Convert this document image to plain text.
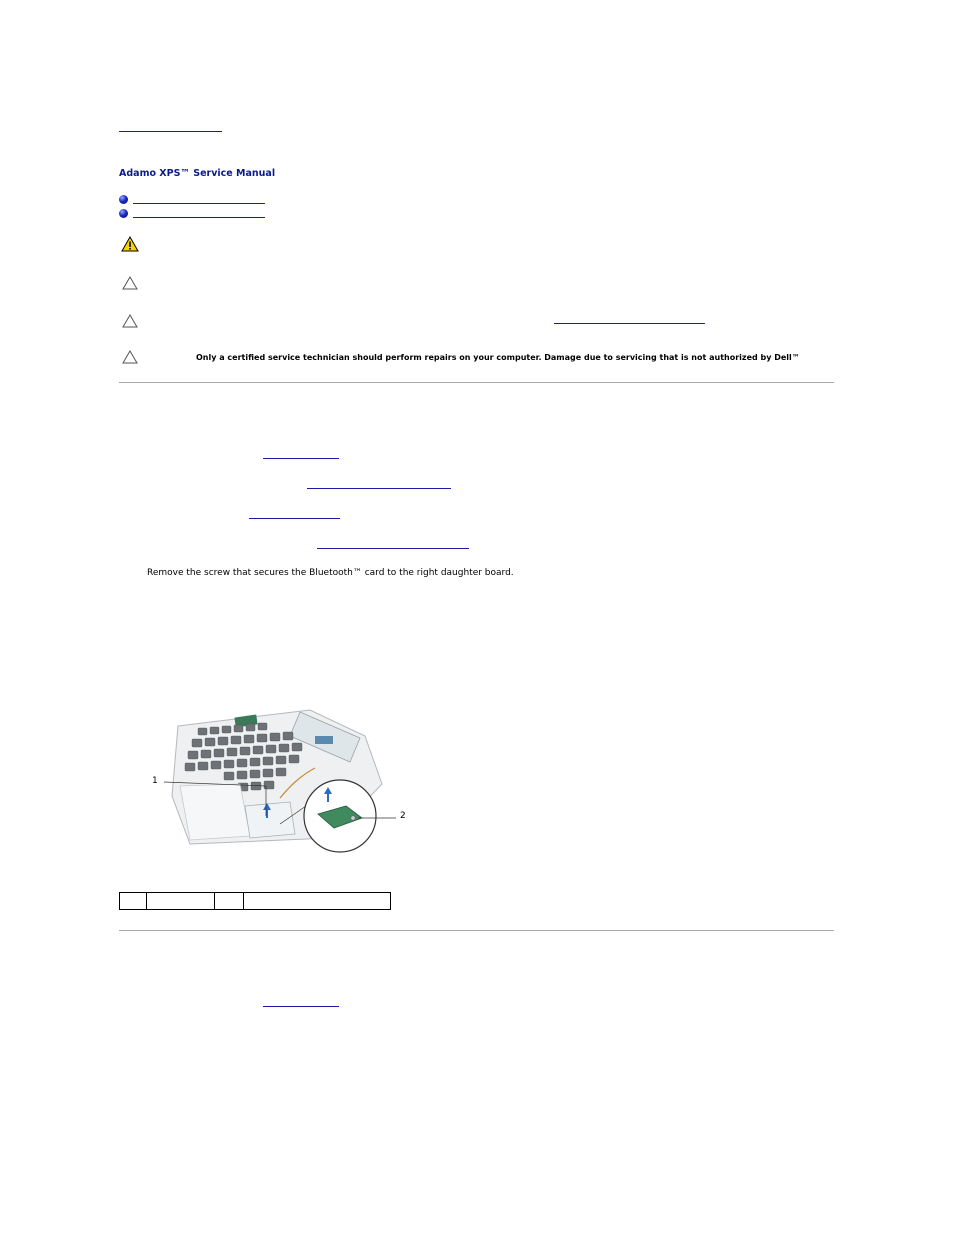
Adamo XPS™ Service Manual
Only a certified service technician should perform repairs on your computer. Damage due to servicing that is not authorized by Dell™
Remove the screw that secures the Bluetooth™ card to the right daughter board.
1
2
